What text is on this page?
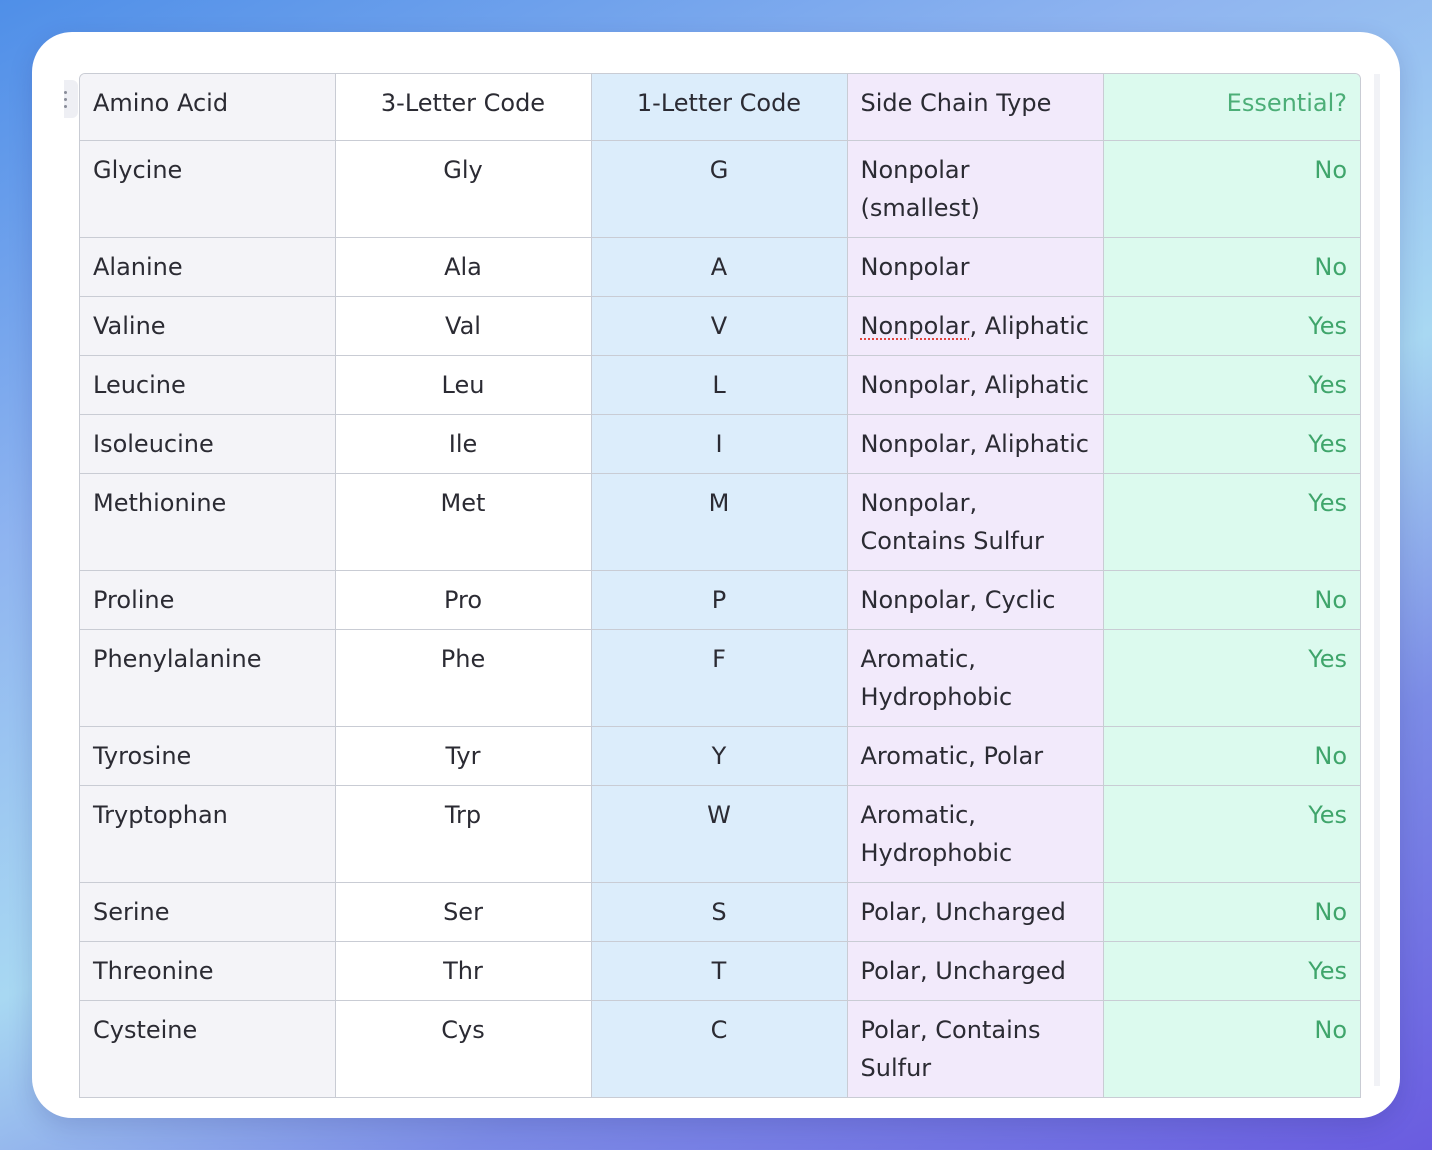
Amino Acid	3-Letter Code	1-Letter Code	Side Chain Type	Essential?
Glycine	Gly	G	Nonpolar (smallest)	No
Alanine	Ala	A	Nonpolar	No
Valine	Val	V	Nonpolar, Aliphatic	Yes
Leucine	Leu	L	Nonpolar, Aliphatic	Yes
Isoleucine	Ile	I	Nonpolar, Aliphatic	Yes
Methionine	Met	M	Nonpolar, Contains Sulfur	Yes
Proline	Pro	P	Nonpolar, Cyclic	No
Phenylalanine	Phe	F	Aromatic, Hydrophobic	Yes
Tyrosine	Tyr	Y	Aromatic, Polar	No
Tryptophan	Trp	W	Aromatic, Hydrophobic	Yes
Serine	Ser	S	Polar, Uncharged	No
Threonine	Thr	T	Polar, Uncharged	Yes
Cysteine	Cys	C	Polar, Contains Sulfur	No
